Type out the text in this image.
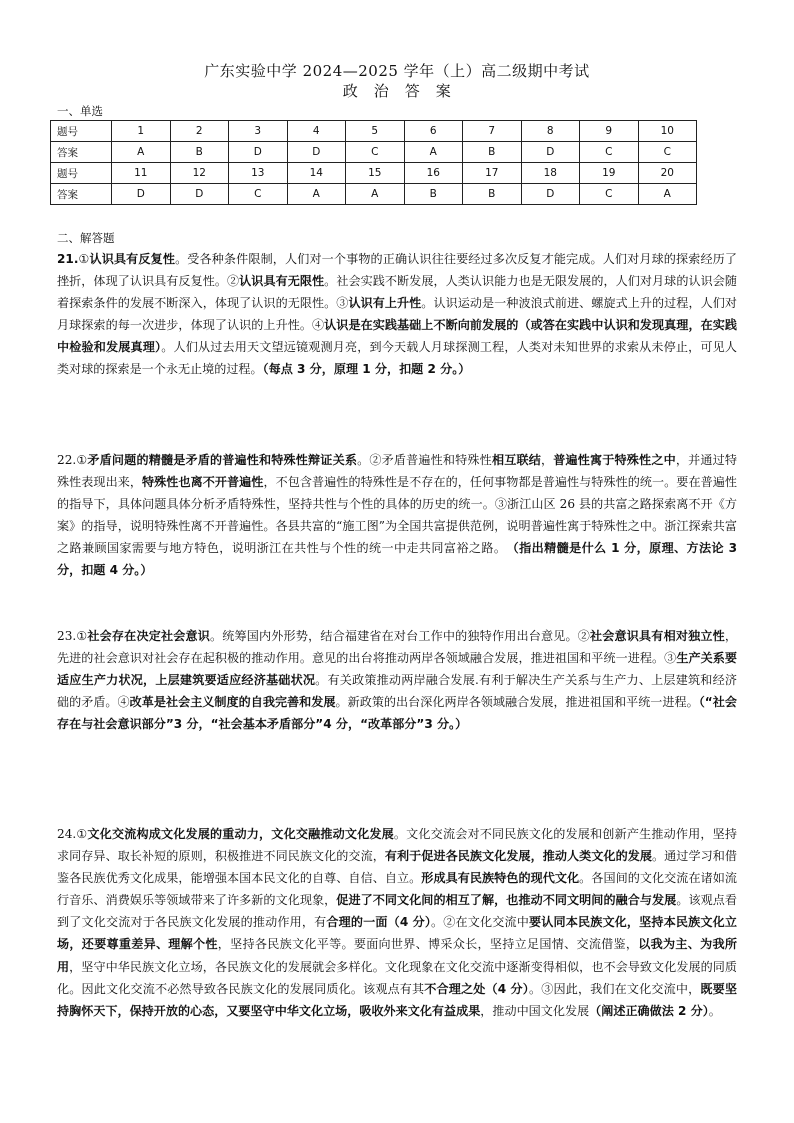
广东实验中学 2024—2025 学年（上）高二级期中考试
政　治　答　案
一、单选
题号	1	2	3	4	5	6	7	8	9	10
答案	A	B	D	D	C	A	B	D	C	C
题号	11	12	13	14	15	16	17	18	19	20
答案	D	D	C	A	A	B	B	D	C	A
二、解答题
21.①认识具有反复性。受各种条件限制，人们对一个事物的正确认识往往要经过多次反复才能完成。人们对月球的探索经历了挫折，体现了认识具有反复性。②认识具有无限性。社会实践不断发展，人类认识能力也是无限发展的，人们对月球的认识会随着探索条件的发展不断深入，体现了认识的无限性。③认识有上升性。认识运动是一种波浪式前进、螺旋式上升的过程，人们对月球探索的每一次进步，体现了认识的上升性。④认识是在实践基础上不断向前发展的（或答在实践中认识和发现真理，在实践中检验和发展真理）。人们从过去用天文望远镜观测月亮，到今天载人月球探测工程，人类对未知世界的求索从未停止，可见人类对球的探索是一个永无止境的过程。（每点 3 分，原理 1 分，扣题 2 分。）
22.①矛盾问题的精髓是矛盾的普遍性和特殊性辩证关系。②矛盾普遍性和特殊性相互联结，普遍性寓于特殊性之中，并通过特殊性表现出来，特殊性也离不开普遍性，不包含普遍性的特殊性是不存在的，任何事物都是普遍性与特殊性的统一。要在普遍性的指导下，具体问题具体分析矛盾特殊性，坚持共性与个性的具体的历史的统一。③浙江山区 26 县的共富之路探索离不开《方案》的指导，说明特殊性离不开普遍性。各县共富的“施工图”为全国共富提供范例，说明普遍性寓于特殊性之中。浙江探索共富之路兼顾国家需要与地方特色，说明浙江在共性与个性的统一中走共同富裕之路。　（指出精髓是什么 1 分，原理、方法论 3 分，扣题 4 分。）
23.①社会存在决定社会意识。统筹国内外形势，结合福建省在对台工作中的独特作用出台意见。②社会意识具有相对独立性，先进的社会意识对社会存在起积极的推动作用。意见的出台将推动两岸各领域融合发展，推进祖国和平统一进程。③生产关系要适应生产力状况，上层建筑要适应经济基础状况。有关政策推动两岸融合发展.有利于解决生产关系与生产力、上层建筑和经济础的矛盾。④改革是社会主义制度的自我完善和发展。新政策的出台深化两岸各领域融合发展，推进祖国和平统一进程。（“社会存在与社会意识部分”3 分，“社会基本矛盾部分”4 分，“改革部分”3 分。）
24.①文化交流构成文化发展的重动力，文化交融推动文化发展。文化交流会对不同民族文化的发展和创新产生推动作用，坚持求同存异、取长补短的原则，积极推进不同民族文化的交流，有利于促进各民族文化发展，推动人类文化的发展。通过学习和借鉴各民族优秀文化成果，能增强本国本民文化的自尊、自信、自立。形成具有民族特色的现代文化。各国间的文化交流在诸如流行音乐、消费娱乐等领域带来了许多新的文化现象，促进了不同文化间的相互了解，也推动不同文明间的融合与发展。该观点看到了文化交流对于各民族文化发展的推动作用，有合理的一面（4 分）。②在文化交流中要认同本民族文化，坚持本民族文化立场，还要尊重差异、理解个性，坚持各民族文化平等。要面向世界、博采众长，坚持立足国情、交流借鉴，以我为主、为我所用，坚守中华民族文化立场，各民族文化的发展就会多样化。文化现象在文化交流中逐渐变得相似，也不会导致文化发展的同质化。因此文化交流不必然导致各民族文化的发展同质化。该观点有其不合理之处（4 分）。③因此，我们在文化交流中，既要坚持胸怀天下，保持开放的心态，又要坚守中华文化立场，吸收外来文化有益成果，推动中国文化发展（阐述正确做法 2 分）。
